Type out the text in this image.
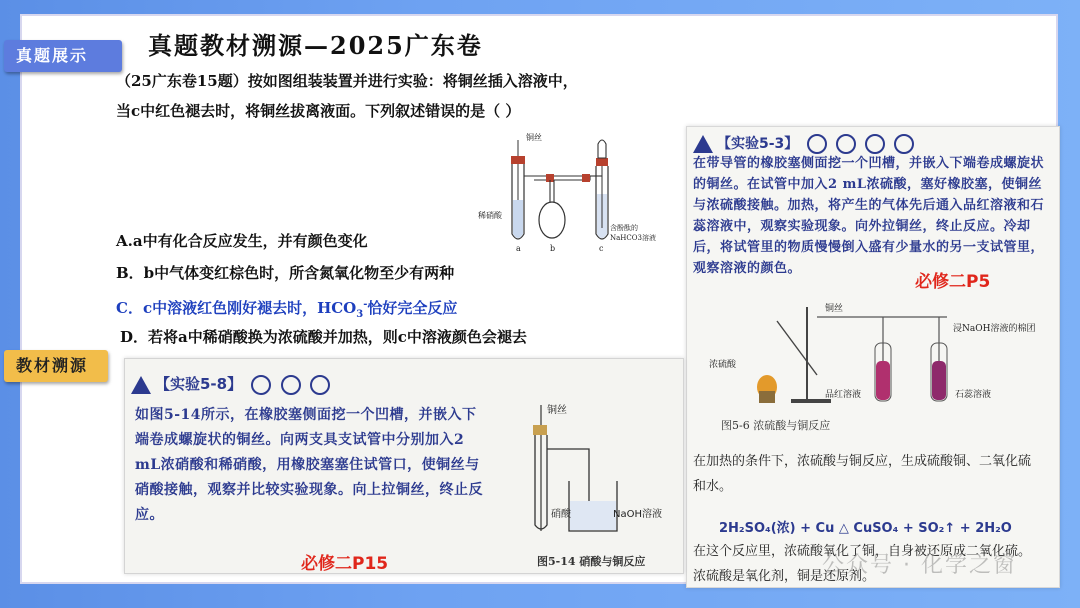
真题教材溯源—2025广东卷
真题展示
教材溯源
（25广东卷15题）按如图组装装置并进行实验：将铜丝插入溶液中，
当c中红色褪去时，将铜丝拔离液面。下列叙述错误的是（ ）
A.a中有化合反应发生，并有颜色变化
B．b中气体变红棕色时，所含氮氧化物至少有两种
C．c中溶液红色刚好褪去时，$HCO_3^-$恰好完全反应
D．若将a中稀硝酸换为浓硫酸并加热，则c中溶液颜色会褪去
铜丝
稀硝酸
a	b	c
含酚酞的
NaHCO3溶液
【实验5-3】
在带导管的橡胶塞侧面挖一个凹槽，并嵌入下端卷成螺旋状的铜丝。在试管中加入2 mL浓硫酸，塞好橡胶塞，使铜丝与浓硫酸接触。加热，将产生的气体先后通入品红溶液和石蕊溶液中，观察实验现象。向外拉铜丝，终止反应。冷却后，将试管里的物质慢慢倒入盛有少量水的另一支试管里，观察溶液的颜色。
必修二P5
铜丝
浸NaOH溶液的棉团
浓硫酸
品红溶液	石蕊溶液
图5-6 浓硫酸与铜反应
在加热的条件下，浓硫酸与铜反应，生成硫酸铜、二氧化硫和水。
2H₂SO₄(浓) + Cu △ CuSO₄ + SO₂↑ + 2H₂O
在这个反应里，浓硫酸氧化了铜，自身被还原成二氧化硫。浓硫酸是氧化剂，铜是还原剂。
公众号 · 化学之窗
【实验5-8】
如图5-14所示，在橡胶塞侧面挖一个凹槽，并嵌入下端卷成螺旋状的铜丝。向两支具支试管中分别加入2 mL浓硝酸和稀硝酸，用橡胶塞塞住试管口，使铜丝与硝酸接触，观察并比较实验现象。向上拉铜丝，终止反应。
必修二P15
铜丝
硝酸	NaOH溶液
图5-14 硝酸与铜反应
